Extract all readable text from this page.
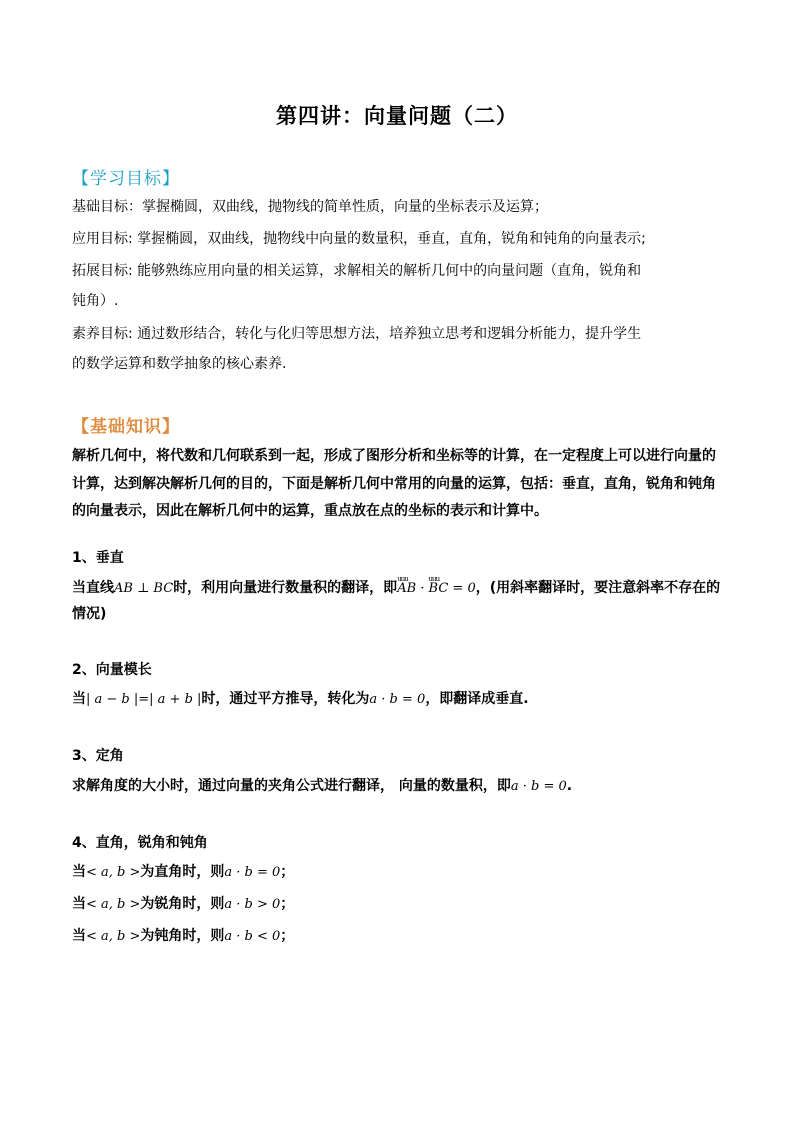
第四讲：向量问题（二）
【学习目标】
基础目标：掌握椭圆，双曲线，抛物线的简单性质，向量的坐标表示及运算；
应用目标: 掌握椭圆，双曲线，抛物线中向量的数量积，垂直，直角，锐角和钝角的向量表示;
拓展目标: 能够熟练应用向量的相关运算，求解相关的解析几何中的向量问题（直角，锐角和
钝角）.
素养目标: 通过数形结合，转化与化归等思想方法，培养独立思考和逻辑分析能力，提升学生
的数学运算和数学抽象的核心素养.
【基础知识】
解析几何中，将代数和几何联系到一起，形成了图形分析和坐标等的计算，在一定程度上可以进行向量的
计算，达到解决解析几何的目的，下面是解析几何中常用的向量的运算，包括：垂直，直角，锐角和钝角
的向量表示，因此在解析几何中的运算，重点放在点的坐标的表示和计算中。
1、垂直
当直线AB ⊥ BC时，利用向量进行数量积的翻译，即uuu AB · uuu BC = 0，(用斜率翻译时，要注意斜率不存在的
情况)
2、向量模长
当| a − b |=| a + b |时，通过平方推导，转化为a · b = 0，即翻译成垂直.
3、定角
求解角度的大小时，通过向量的夹角公式进行翻译， 向量的数量积，即a · b = 0.
4、直角，锐角和钝角
当< a, b >为直角时，则a · b = 0；
当< a, b >为锐角时，则a · b > 0；
当< a, b >为钝角时，则a · b < 0；
